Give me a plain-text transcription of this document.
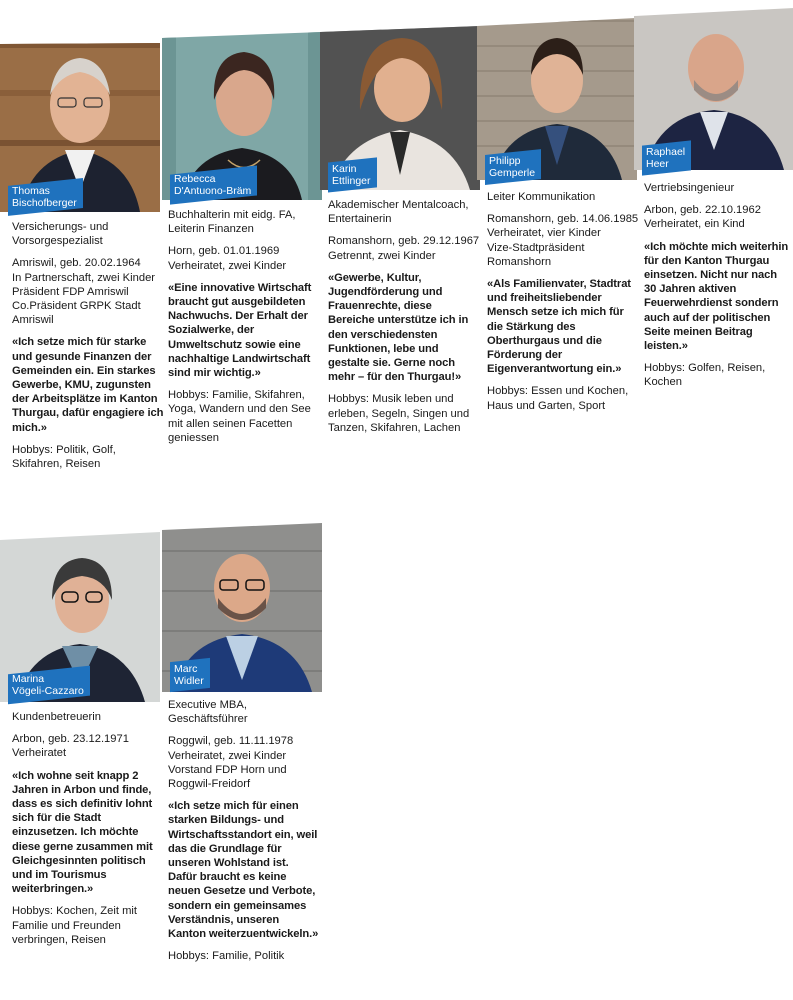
Thomas
Bischofberger

Versicherungs- und
Vorsorgespezialist

Amriswil, geb. 20.02.1964
In Partnerschaft, zwei Kinder
Präsident FDP Amriswil
Co.Präsident GRPK Stadt
Amriswil

«Ich setze mich für starke und gesunde Finanzen der Gemeinden ein. Ein starkes Gewerbe, KMU, zugunsten der Arbeitsplätze im Kanton Thurgau, dafür engagiere ich mich.»

Hobbys: Politik, Golf, Skifahren, Reisen

Rebecca
D'Antuono-Bräm

Buchhalterin mit eidg. FA,
Leiterin Finanzen

Horn, geb. 01.01.1969
Verheiratet, zwei Kinder

«Eine innovative Wirtschaft braucht gut ausgebildeten Nachwuchs. Der Erhalt der Sozialwerke, der Umweltschutz sowie eine nachhaltige Landwirtschaft sind mir wichtig.»

Hobbys: Familie, Skifahren, Yoga, Wandern und den See mit allen seinen Facetten geniessen

Karin
Ettlinger

Akademischer Mentalcoach,
Entertainerin

Romanshorn, geb. 29.12.1967
Getrennt, zwei Kinder

«Gewerbe, Kultur, Jugendförderung und Frauenrechte, diese Bereiche unterstütze ich in den verschiedensten Funktionen, lebe und gestalte sie. Gerne noch mehr – für den Thurgau!»

Hobbys: Musik leben und erleben, Segeln, Singen und Tanzen, Skifahren, Lachen

Philipp
Gemperle

Leiter Kommunikation

Romanshorn, geb. 14.06.1985
Verheiratet, vier Kinder
Vize-Stadtpräsident
Romanshorn

«Als Familienvater, Stadtrat und freiheitsliebender Mensch setze ich mich für die Stärkung des Oberthurgaus und die Förderung der Eigenverantwortung ein.»

Hobbys: Essen und Kochen, Haus und Garten, Sport

Raphael
Heer

Vertriebsingenieur

Arbon, geb. 22.10.1962
Verheiratet, ein Kind

«Ich möchte mich weiterhin für den Kanton Thurgau einsetzen. Nicht nur nach 30 Jahren aktiven Feuerwehrdienst sondern auch auf der politischen Seite meinen Beitrag leisten.»

Hobbys: Golfen, Reisen, Kochen

Marina
Vögeli-Cazzaro

Kundenbetreuerin

Arbon, geb. 23.12.1971
Verheiratet

«Ich wohne seit knapp 2 Jahren in Arbon und finde, dass es sich definitiv lohnt sich für die Stadt einzusetzen. Ich möchte diese gerne zusammen mit Gleichgesinnten politisch und im Tourismus weiterbringen.»

Hobbys: Kochen, Zeit mit Familie und Freunden verbringen, Reisen

Marc
Widler

Executive MBA,
Geschäftsführer

Roggwil, geb. 11.11.1978
Verheiratet, zwei Kinder
Vorstand FDP Horn und
Roggwil-Freidorf

«Ich setze mich für einen starken Bildungs- und Wirtschaftsstandort ein, weil das die Grundlage für unseren Wohlstand ist. Dafür braucht es keine neuen Gesetze und Verbote, sondern ein gemeinsames Verständnis, unseren Kanton weiterzuentwickeln.»

Hobbys: Familie, Politik
